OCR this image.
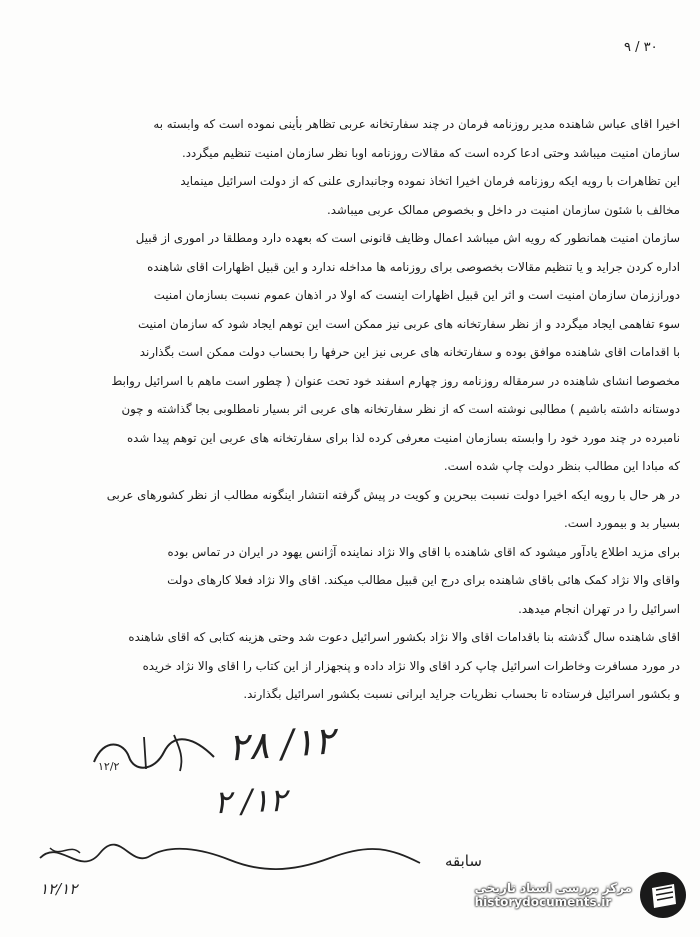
۳۰ / ۹
اخیرا اقای عباس شاهنده مدیر روزنامه فرمان در چند سفارتخانه عربی تظاهر بأینی نموده است که وابسته به
سازمان امنیت میباشد وحتی ادعا کرده است که مقالات روزنامه اوبا نظر سازمان امنیت تنظیم میگردد.
این تظاهرات با رویه ایکه روزنامه فرمان اخیرا اتخاذ نموده وجانبداری علنی که از دولت اسرائیل مینماید
مخالف با شئون سازمان امنیت در داخل و بخصوص ممالک عربی میباشد.
سازمان امنیت همانطور که رویه اش میباشد اعمال وظایف قانونی است که بعهده دارد ومطلقا در اموری از قبیل
اداره کردن جراید و یا تنظیم مقالات بخصوصی برای روزنامه ها مداخله ندارد و این قبیل اظهارات اقای شاهنده
دوراززمان سازمان امنیت است و اثر این قبیل اظهارات اینست که اولا در اذهان عموم نسبت بسازمان امنیت
سوء تفاهمی ایجاد میگردد و از نظر سفارتخانه های عربی نیز ممکن است این توهم ایجاد شود که سازمان امنیت
با اقدامات اقای شاهنده موافق بوده و سفارتخانه های عربی نیز این حرفها را بحساب دولت ممکن است بگذارند
مخصوصا انشای شاهنده در سرمقاله روزنامه روز چهارم اسفند خود تحت عنوان ( چطور است ماهم با اسرائیل روابط
دوستانه داشته باشیم ) مطالبی نوشته است که از نظر سفارتخانه های عربی اثر بسیار نامطلوبی بجا گذاشته و چون
نامبرده در چند مورد خود را وابسته بسازمان امنیت معرفی کرده لذا برای سفارتخانه های عربی این توهم پیدا شده
که مبادا این مطالب بنظر دولت چاپ شده است.
در هر حال با رویه ایکه اخیرا دولت نسبت ببحرین و کویت در پیش گرفته انتشار اینگونه مطالب از نظر کشورهای عربی
بسیار بد و بیمورد است.
برای مزید اطلاع یادآور میشود که اقای شاهنده با اقای والا نژاد نماینده آژانس یهود در ایران در تماس بوده
واقای والا نژاد کمک هائی باقای شاهنده برای درج این قبیل مطالب میکند. اقای والا نژاد فعلا کارهای دولت
اسرائیل را در تهران انجام میدهد.
اقای شاهنده سال گذشته بنا باقدامات اقای والا نژاد بکشور اسرائیل دعوت شد وحتی هزینه کتابی که اقای شاهنده
در مورد مسافرت وخاطرات اسرائیل چاپ کرد اقای والا نژاد داده و پنجهزار از این کتاب را اقای والا نژاد خریده
و بکشور اسرائیل فرستاده تا بحساب نظریات جراید ایرانی نسبت بکشور اسرائیل بگذارند.
۱۲/۲	۱۲/ ۲۸
۱۲/ ۲
۱۲/۱۲
سابقه
مرکز بررسی اسناد تاریخی
historydocuments.ir
